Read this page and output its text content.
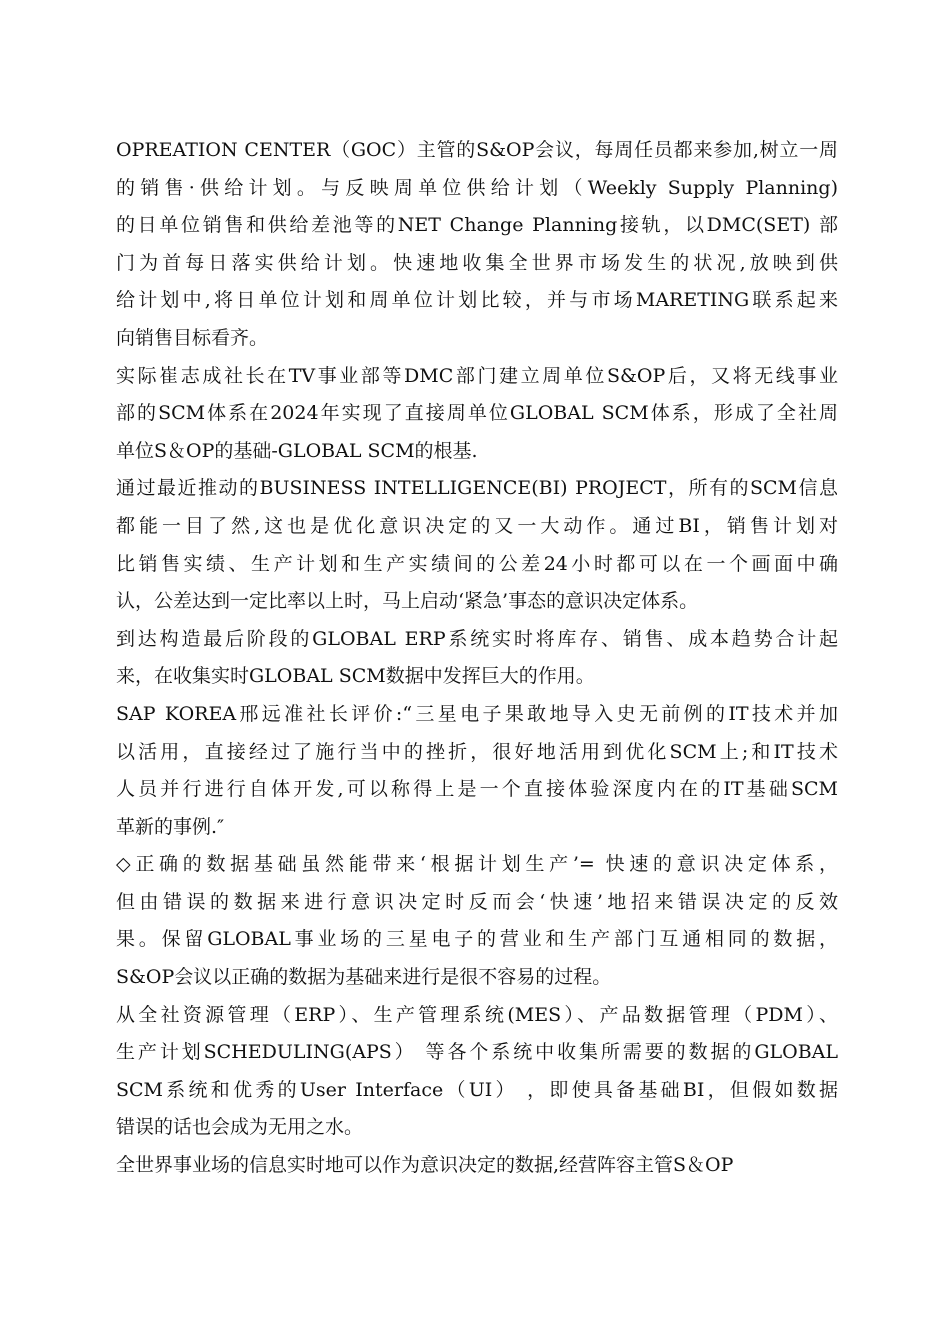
OPREATION CENTER（GOC）主管的S&OP会议，每周任员都来参加,树立一周
的销售·供给计划。与反映周单位供给计划（Weekly Supply Planning)
的日单位销售和供给差池等的NET Change Planning接轨，以DMC(SET) 部
门为首每日落实供给计划。快速地收集全世界市场发生的状况,放映到供
给计划中,将日单位计划和周单位计划比较，并与市场MARETING联系起来
向销售目标看齐。
实际崔志成社长在TV事业部等DMC部门建立周单位S&OP后，又将无线事业
部的SCM体系在2024年实现了直接周单位GLOBAL SCM体系，形成了全社周
单位S＆OP的基础-GLOBAL SCM的根基.
通过最近推动的BUSINESS INTELLIGENCE(BI) PROJECT，所有的SCM信息
都能一目了然,这也是优化意识决定的又一大动作。通过BI，销售计划对
比销售实绩、生产计划和生产实绩间的公差24小时都可以在一个画面中确
认，公差达到一定比率以上时，马上启动‘紧急’事态的意识决定体系。
到达构造最后阶段的GLOBAL ERP系统实时将库存、销售、成本趋势合计起
来，在收集实时GLOBAL SCM数据中发挥巨大的作用。
SAP KOREA邢远准社长评价:“三星电子果敢地导入史无前例的IT技术并加
以活用，直接经过了施行当中的挫折，很好地活用到优化SCM上;和IT技术
人员并行进行自体开发,可以称得上是一个直接体验深度内在的IT基础SCM
革新的事例.″
◇正确的数据基础虽然能带来‘根据计划生产’= 快速的意识决定体系，
但由错误的数据来进行意识决定时反而会‘快速’地招来错误决定的反效
果。保留GLOBAL事业场的三星电子的营业和生产部门互通相同的数据，
S&OP会议以正确的数据为基础来进行是很不容易的过程。
从全社资源管理（ERP）、生产管理系统(MES）、产品数据管理（PDM）、
生产计划SCHEDULING(APS） 等各个系统中收集所需要的数据的GLOBAL
SCM系统和优秀的User Interface（UI） ，即使具备基础BI，但假如数据
错误的话也会成为无用之水。
全世界事业场的信息实时地可以作为意识决定的数据,经营阵容主管S＆OP
